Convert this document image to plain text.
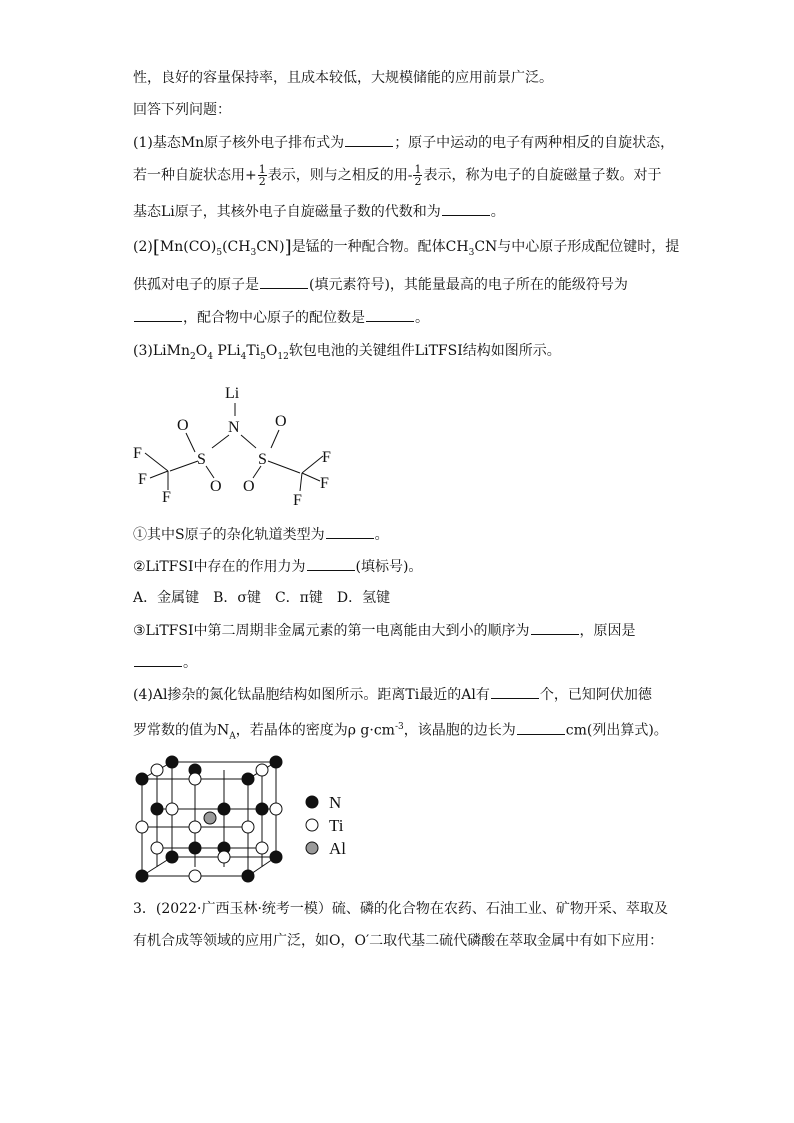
性，良好的容量保持率，且成本较低，大规模储能的应用前景广泛。
回答下列问题：
(1)基态Mn原子核外电子排布式为	；原子中运动的电子有两种相反的自旋状态，
若一种自旋状态用+ $\frac{1}{2}$ 表示，则与之相反的用- $\frac{1}{2}$ 表示，称为电子的自旋磁量子数。对于
基态Li原子，其核外电子自旋磁量子数的代数和为	。
$(2)[Mn(CO)_5(CH_3CN)]$是锰的一种配合物。配体$CH_3CN$与中心原子形成配位键时，提
供孤对电子的原子是	(填元素符号)，其能量最高的电子所在的能级符号为
，配合物中心原子的配位数是	。
$(3)LiMn_2O_4$ $PLi_4Ti_5O_{12}$软包电池的关键组件LiTFSI结构如图所示。
Li
N
S	S
O
O
O
O
F
F
F
F
F
F
①其中S原子的杂化轨道类型为	。
②LiTFSI中存在的作用力为	(填标号)。
A．金属键　B．σ键　C．π键　D．氢键
③LiTFSI中第二周期非金属元素的第一电离能由大到小的顺序为	，原因是
。
(4)Al掺杂的氮化钛晶胞结构如图所示。距离Ti最近的Al有	个，已知阿伏加德
罗常数的值为$N_A$，若晶体的密度为ρ $g\cdot cm^{-3}$，该晶胞的边长为	cm(列出算式)。
N
Ti
Al
3．(2022·广西玉林·统考一模）硫、磷的化合物在农药、石油工业、矿物开采、萃取及
有机合成等领域的应用广泛，如O，O′二取代基二硫代磷酸在萃取金属中有如下应用：
